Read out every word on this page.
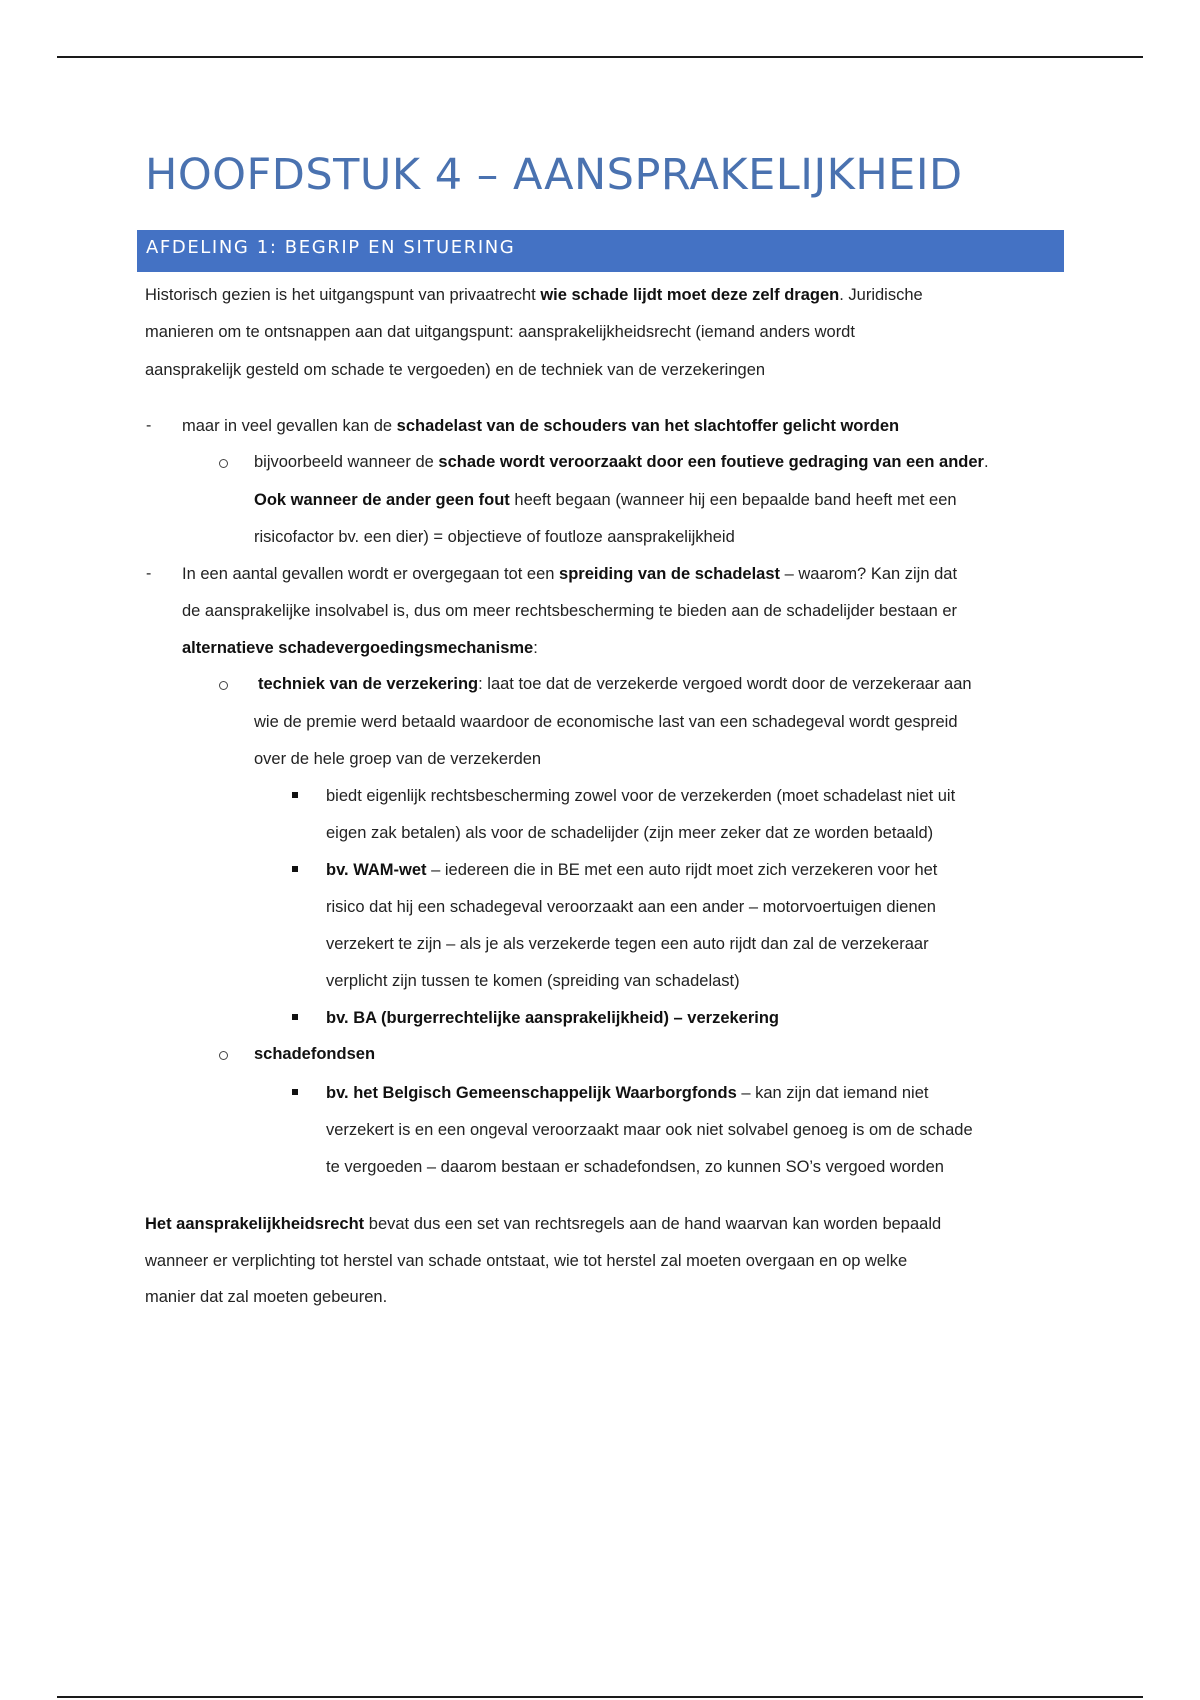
HOOFDSTUK 4 – AANSPRAKELIJKHEID
AFDELING 1: BEGRIP EN SITUERING
Historisch gezien is het uitgangspunt van privaatrecht wie schade lijdt moet deze zelf dragen. Juridische
manieren om te ontsnappen aan dat uitgangspunt: aansprakelijkheidsrecht (iemand anders wordt
aansprakelijk gesteld om schade te vergoeden) en de techniek van de verzekeringen
- maar in veel gevallen kan de schadelast van de schouders van het slachtoffer gelicht worden
bijvoorbeeld wanneer de schade wordt veroorzaakt door een foutieve gedraging van een ander.
Ook wanneer de ander geen fout heeft begaan (wanneer hij een bepaalde band heeft met een
risicofactor bv. een dier) = objectieve of foutloze aansprakelijkheid
- In een aantal gevallen wordt er overgegaan tot een spreiding van de schadelast – waarom? Kan zijn dat
de aansprakelijke insolvabel is, dus om meer rechtsbescherming te bieden aan de schadelijder bestaan er
alternatieve schadevergoedingsmechanisme:
techniek van de verzekering: laat toe dat de verzekerde vergoed wordt door de verzekeraar aan
wie de premie werd betaald waardoor de economische last van een schadegeval wordt gespreid
over de hele groep van de verzekerden
biedt eigenlijk rechtsbescherming zowel voor de verzekerden (moet schadelast niet uit
eigen zak betalen) als voor de schadelijder (zijn meer zeker dat ze worden betaald)
bv. WAM-wet – iedereen die in BE met een auto rijdt moet zich verzekeren voor het
risico dat hij een schadegeval veroorzaakt aan een ander – motorvoertuigen dienen
verzekert te zijn – als je als verzekerde tegen een auto rijdt dan zal de verzekeraar
verplicht zijn tussen te komen (spreiding van schadelast)
bv. BA (burgerrechtelijke aansprakelijkheid) – verzekering
schadefondsen
bv. het Belgisch Gemeenschappelijk Waarborgfonds – kan zijn dat iemand niet
verzekert is en een ongeval veroorzaakt maar ook niet solvabel genoeg is om de schade
te vergoeden – daarom bestaan er schadefondsen, zo kunnen SO’s vergoed worden
Het aansprakelijkheidsrecht bevat dus een set van rechtsregels aan de hand waarvan kan worden bepaald
wanneer er verplichting tot herstel van schade ontstaat, wie tot herstel zal moeten overgaan en op welke
manier dat zal moeten gebeuren.
